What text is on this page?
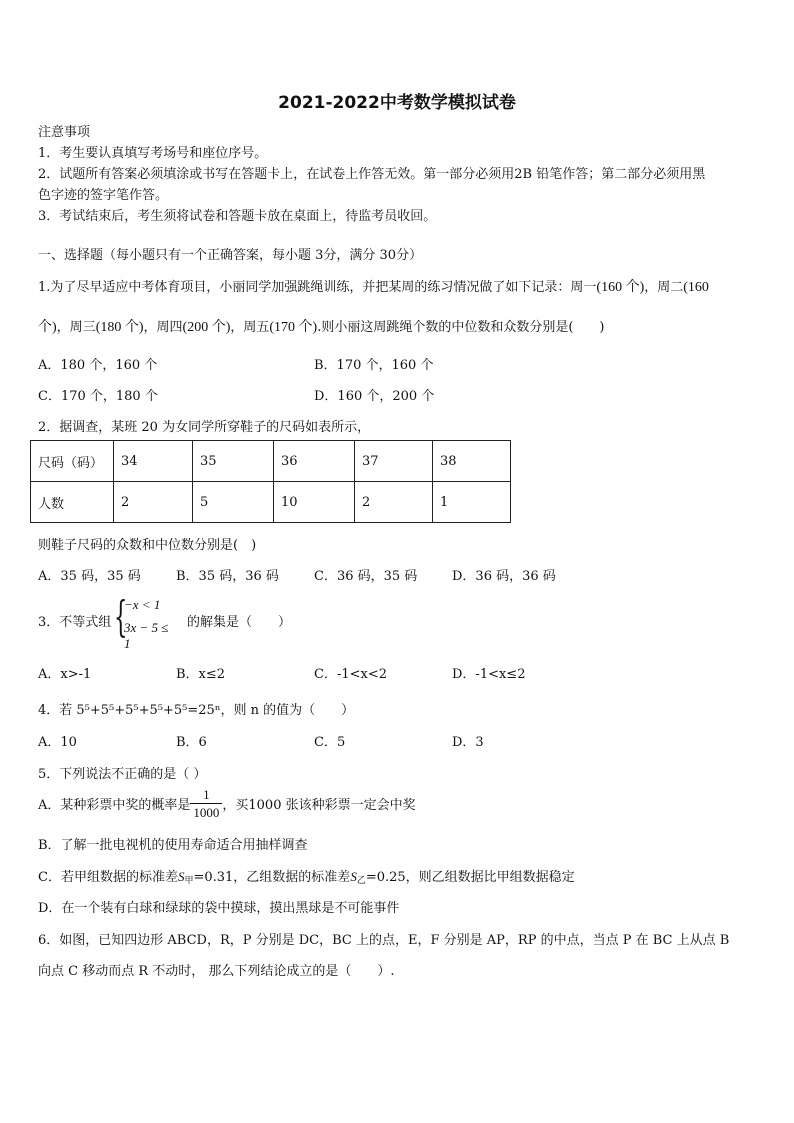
2021-2022中考数学模拟试卷
注意事项
1．考生要认真填写考场号和座位序号。
2．试题所有答案必须填涂或书写在答题卡上，在试卷上作答无效。第一部分必须用2B 铅笔作答；第二部分必须用黑
色字迹的签字笔作答。
3．考试结束后，考生须将试卷和答题卡放在桌面上，待监考员收回。
一、选择题（每小题只有一个正确答案，每小题 3分，满分 30分）
1.为了尽早适应中考体育项目，小丽同学加强跳绳训练，并把某周的练习情况做了如下记录：周一(160 个)，周二(160
个)，周三(180 个)，周四(200 个)，周五(170 个).则小丽这周跳绳个数的中位数和众数分别是(　　)
A．180 个，160 个	B．170 个，160 个
C．170 个，180 个	D．160 个，200 个
2．据调查，某班 20 为女同学所穿鞋子的尺码如表所示，
尺码（码）	34	35	36	37	38
人数	2	5	10	2	1
则鞋子尺码的众数和中位数分别是(　)
A．35 码，35 码	B．35 码，36 码	C．36 码，35 码	D．36 码，36 码
3．不等式组 {
−x < 1
3x − 5 ≤ 1
的解集是（　　）
A．x>-1	B．x≤2	C．-1<x<2	D．-1<x≤2
4．若 5⁵+5⁵+5⁵+5⁵+5⁵=25ⁿ，则 n 的值为（　　）
A．10	B．6	C．5	D．3
5．下列说法不正确的是（ ）
A．某种彩票中奖的概率是 $\frac{1}{1000}$ ，买1000 张该种彩票一定会中奖
B．了解一批电视机的使用寿命适合用抽样调查
C．若甲组数据的标准差S甲=0.31，乙组数据的标准差S乙=0.25，则乙组数据比甲组数据稳定
D．在一个装有白球和绿球的袋中摸球，摸出黑球是不可能事件
6．如图，已知四边形 ABCD，R，P 分别是 DC，BC 上的点，E，F 分别是 AP，RP 的中点，当点 P 在 BC 上从点 B
向点 C 移动而点 R 不动时， 那么下列结论成立的是（　　）.
